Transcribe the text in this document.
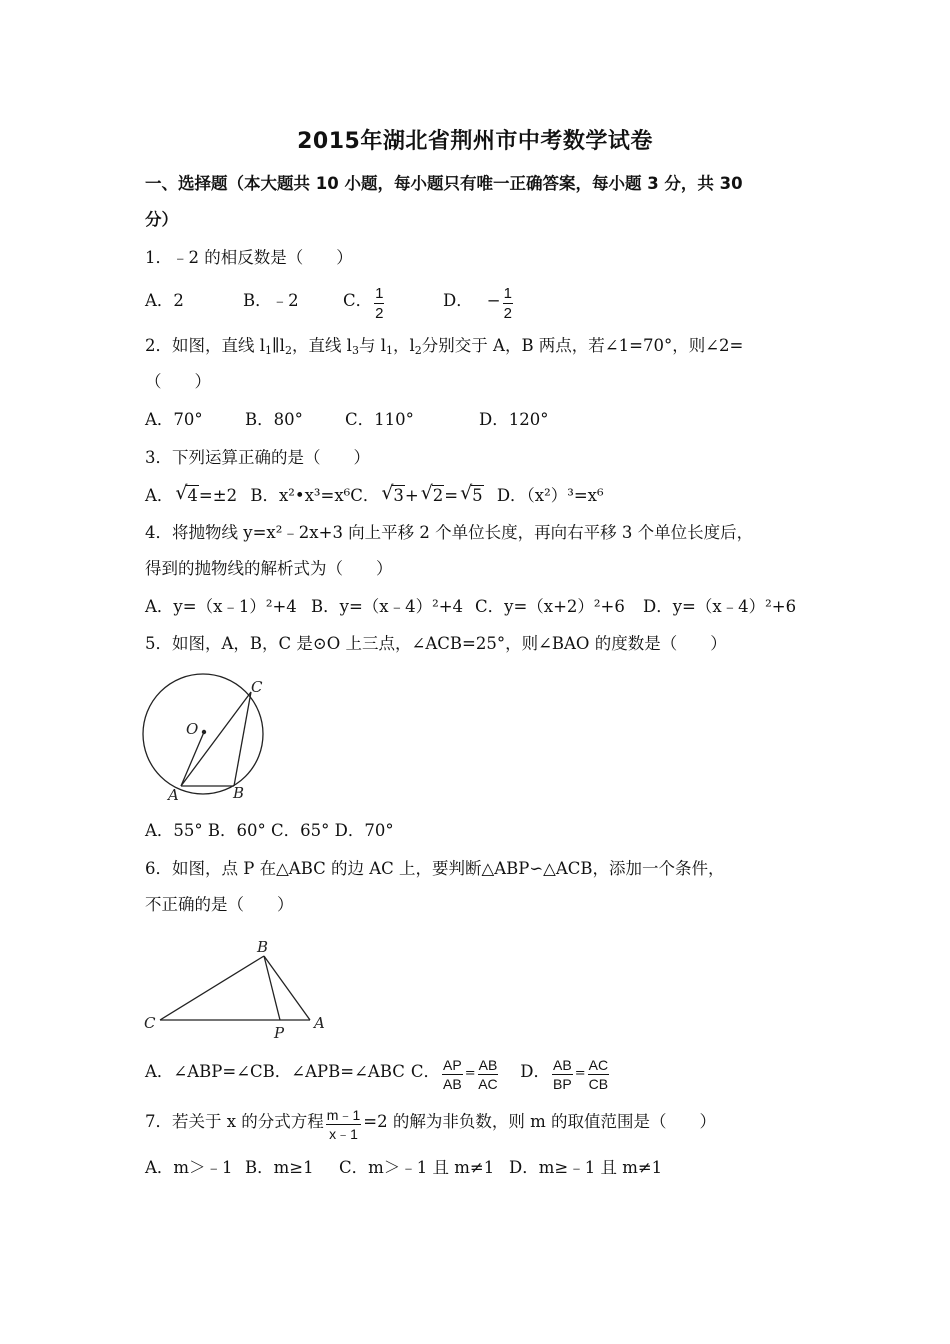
2015年湖北省荆州市中考数学试卷
一、选择题（本大题共 10 小题，每小题只有唯一正确答案，每小题 3 分，共 30
分）
1．﹣2 的相反数是（　　）
A．2	B．﹣2	C． $\frac{1}{2}$	D． − $\frac{1}{2}$
2．如图，直线 $l_1\parallel l_2$，直线 $l_3$与 $l_1$，$l_2$分别交于 A，B 两点，若∠1=70°，则∠2=
（　　）
A．70°	B．80°	C．110°	D．120°
3．下列运算正确的是（　　）
A． √ 4=±2 B．x²•x³=x⁶C． √ 3+ √ 2= √ 5 D．（x²）³=x⁶
4．将抛物线 y=x²﹣2x+3 向上平移 2 个单位长度，再向右平移 3 个单位长度后，
得到的抛物线的解析式为（　　）
A．y=（x﹣1）²+4 B．y=（x﹣4）²+4 C．y=（x+2）²+6 D．y=（x﹣4）²+6
5．如图，A，B，C 是⊙O 上三点，∠ACB=25°，则∠BAO 的度数是（　　）
O
A	B
C
A．55° B．60° C．65° D．70°
6．如图，点 P 在△ABC 的边 AC 上，要判断△ABP∽△ACB，添加一个条件，
不正确的是（　　）
B
C
P
A
A．∠ABP=∠CB．∠APB=∠ABC C． $\frac{AP}{AB} = \frac{AB}{AC}$ D． $\frac{AB}{BP} = \frac{AC}{CB}$
7．若关于 x 的分式方程 $\frac{m﹣1}{x﹣1} =2$ 的解为非负数，则 m 的取值范围是（　　）
A．m＞﹣1 B．m≥1 C．m＞﹣1 且 m≠1 D．m≥﹣1 且 m≠1
